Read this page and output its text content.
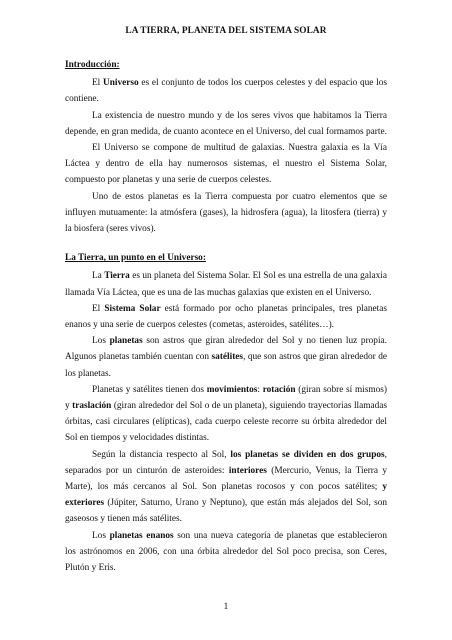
LA TIERRA, PLANETA DEL SISTEMA SOLAR
Introducción:

El Universo es el conjunto de todos los cuerpos celestes y del espacio que los contiene.

La existencia de nuestro mundo y de los seres vivos que habitamos la Tierra depende, en gran medida, de cuanto acontece en el Universo, del cual formamos parte.

El Universo se compone de multitud de galaxias. Nuestra galaxia es la Vía Láctea y dentro de ella hay numerosos sistemas, el nuestro el Sistema Solar, compuesto por planetas y una serie de cuerpos celestes.

Uno de estos planetas es la Tierra compuesta por cuatro elementos que se influyen mutuamente: la atmósfera (gases), la hidrosfera (agua), la litosfera (tierra) y la biosfera (seres vivos).

La Tierra, un punto en el Universo:

La Tierra es un planeta del Sistema Solar. El Sol es una estrella de una galaxia llamada Vía Láctea, que es una de las muchas galaxias que existen en el Universo.

El Sistema Solar está formado por ocho planetas principales, tres planetas enanos y una serie de cuerpos celestes (cometas, asteroides, satélites…).

Los planetas son astros que giran alrededor del Sol y no tienen luz propia. Algunos planetas también cuentan con satélites, que son astros que giran alrededor de los planetas.

Planetas y satélites tienen dos movimientos: rotación (giran sobre sí mismos) y traslación (giran alrededor del Sol o de un planeta), siguiendo trayectorias llamadas órbitas, casi circulares (elípticas), cada cuerpo celeste recorre su órbita alrededor del Sol en tiempos y velocidades distintas.

Según la distancia respecto al Sol, los planetas se dividen en dos grupos, separados por un cinturón de asteroides: interiores (Mercurio, Venus, la Tierra y Marte), los más cercanos al Sol. Son planetas rocosos y con pocos satélites; y exteriores (Júpiter, Saturno, Urano y Neptuno), que están más alejados del Sol, son gaseosos y tienen más satélites.

Los planetas enanos son una nueva categoría de planetas que establecieron los astrónomos en 2006, con una órbita alrededor del Sol poco precisa, son Ceres, Plutón y Eris.

1
